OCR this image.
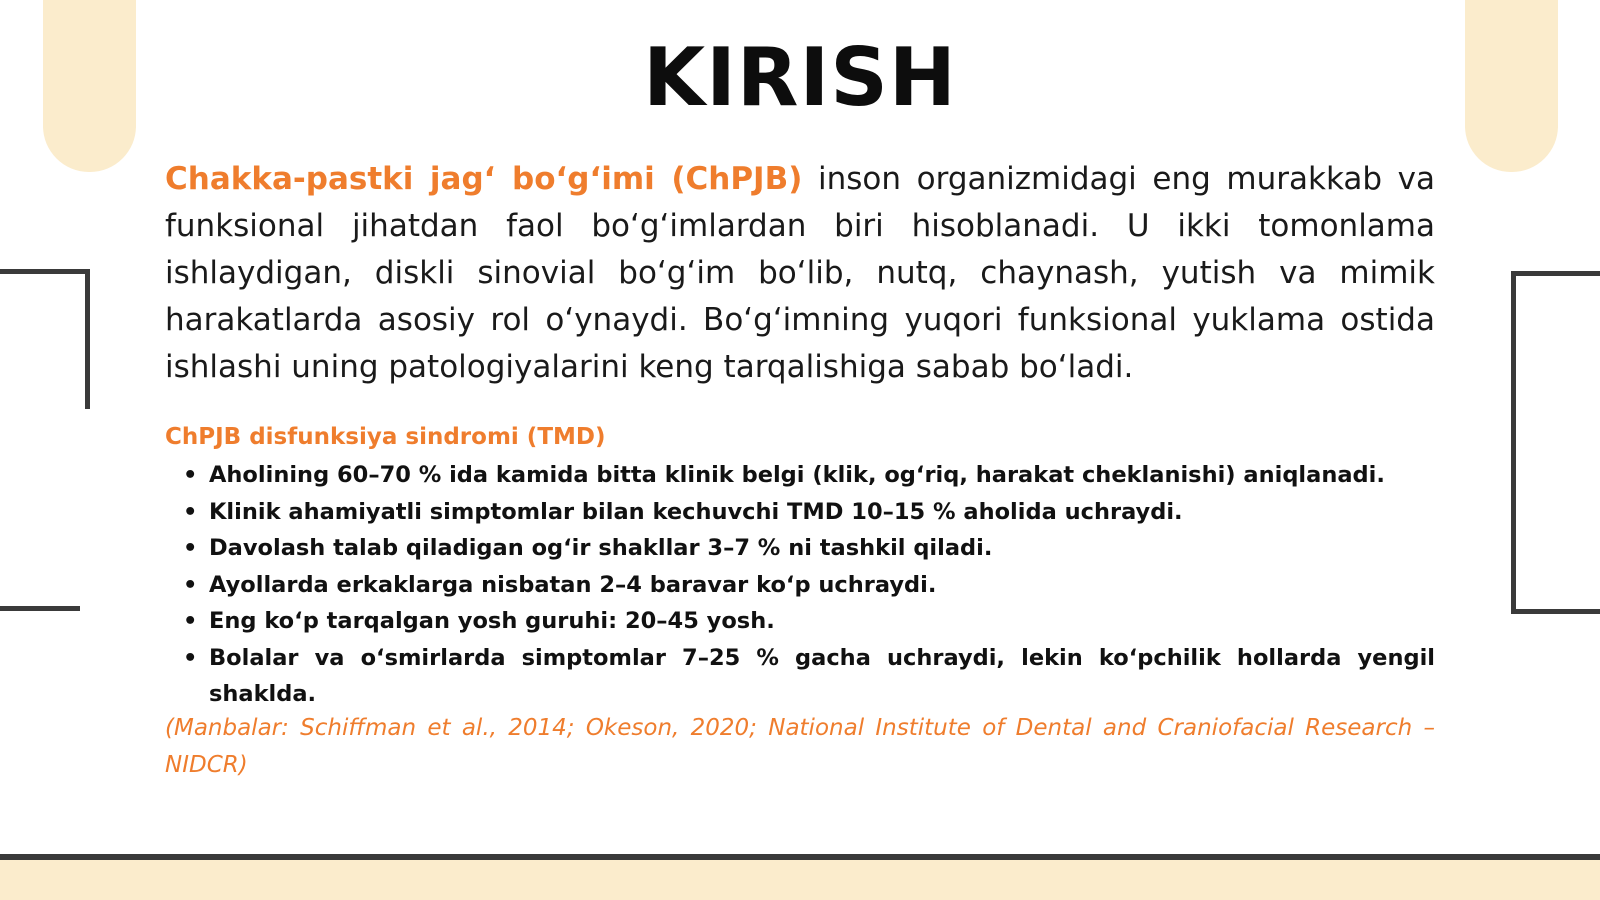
KIRISH

Chakka-pastki jag‘ bo‘g‘imi (ChPJB) inson organizmidagi eng murakkab va funksional jihatdan faol bo‘g‘imlardan biri hisoblanadi. U ikki tomonlama ishlaydigan, diskli sinovial bo‘g‘im bo‘lib, nutq, chaynash, yutish va mimik harakatlarda asosiy rol o‘ynaydi. Bo‘g‘imning yuqori funksional yuklama ostida ishlashi uning patologiyalarini keng tarqalishiga sabab bo‘ladi.

ChPJB disfunksiya sindromi (TMD)

• Aholining 60–70 % ida kamida bitta klinik belgi (klik, og‘riq, harakat cheklanishi) aniqlanadi.
• Klinik ahamiyatli simptomlar bilan kechuvchi TMD 10–15 % aholida uchraydi.
• Davolash talab qiladigan og‘ir shakllar 3–7 % ni tashkil qiladi.
• Ayollarda erkaklarga nisbatan 2–4 baravar ko‘p uchraydi.
• Eng ko‘p tarqalgan yosh guruhi: 20–45 yosh.
• Bolalar va o‘smirlarda simptomlar 7–25 % gacha uchraydi, lekin ko‘pchilik hollarda yengil shaklda.

(Manbalar: Schiffman et al., 2014; Okeson, 2020; National Institute of Dental and Craniofacial Research – NIDCR)
